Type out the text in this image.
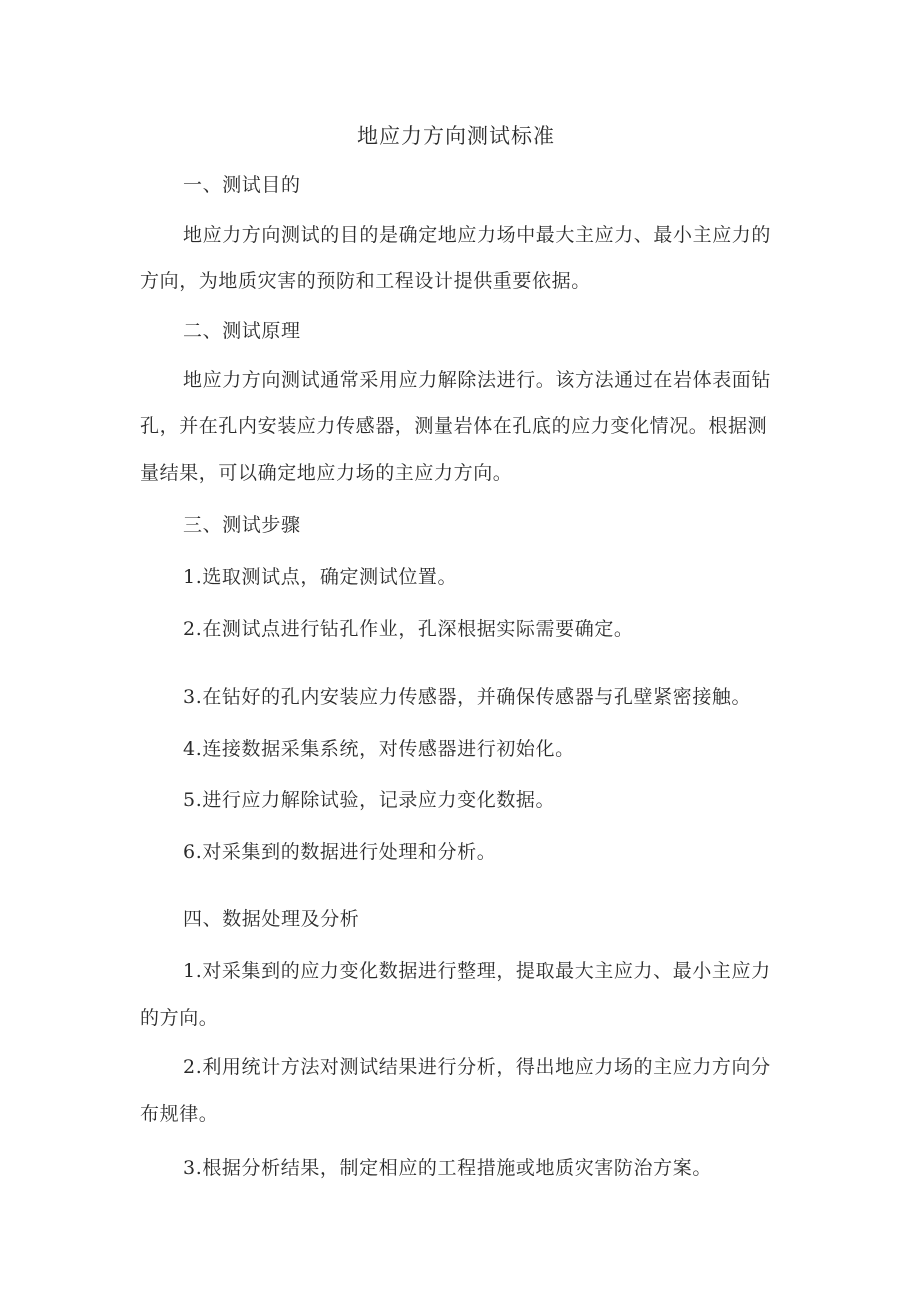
地应力方向测试标准
一、测试目的
地应力方向测试的目的是确定地应力场中最大主应力、最小主应力的
方向，为地质灾害的预防和工程设计提供重要依据。
二、测试原理
地应力方向测试通常采用应力解除法进行。该方法通过在岩体表面钻
孔，并在孔内安装应力传感器，测量岩体在孔底的应力变化情况。根据测
量结果，可以确定地应力场的主应力方向。
三、测试步骤
1.选取测试点，确定测试位置。
2.在测试点进行钻孔作业，孔深根据实际需要确定。
3.在钻好的孔内安装应力传感器，并确保传感器与孔壁紧密接触。
4.连接数据采集系统，对传感器进行初始化。
5.进行应力解除试验，记录应力变化数据。
6.对采集到的数据进行处理和分析。
四、数据处理及分析
1.对采集到的应力变化数据进行整理，提取最大主应力、最小主应力
的方向。
2.利用统计方法对测试结果进行分析，得出地应力场的主应力方向分
布规律。
3.根据分析结果，制定相应的工程措施或地质灾害防治方案。
